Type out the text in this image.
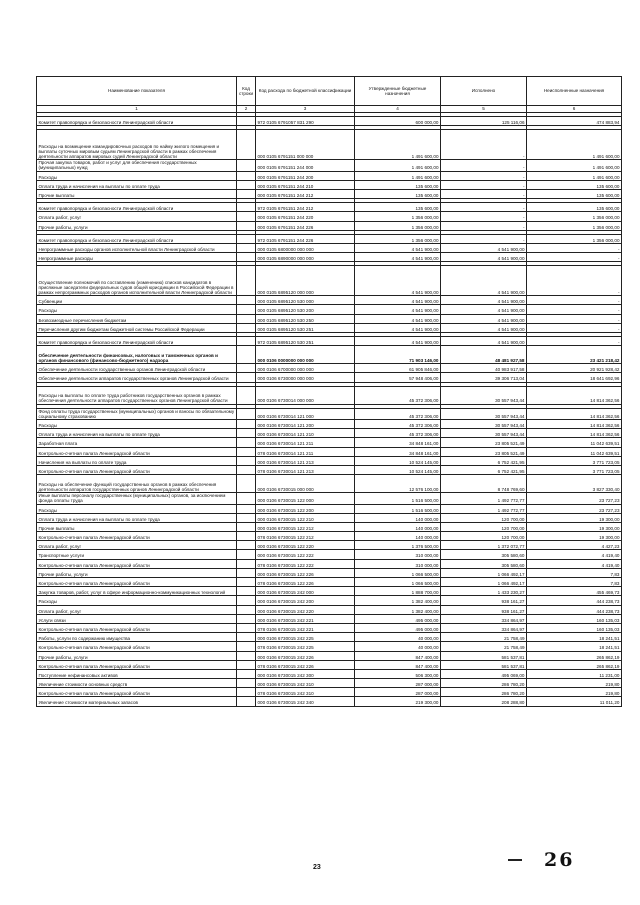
Наименование показателя	Код строки	Код расхода по бюджетной классификации	Утвержденные бюджетные назначения	Исполнено	Неисполненные назначения
1	2	3	4	5	6

Комитет правопорядка и безопасности Ленинградской области		972 0105 6791057 831 290	600 000,00	125 116,06	474 883,94

Расходы на возмещение командировочных расходов по найму жилого помещения и выплаты суточных мировым судьям Ленинградской области в рамках обеспечения деятельности аппаратов мировых судей Ленинградской области		000 0105 6791151 000 000	1 491 600,00	-	1 491 600,00
Прочая закупка товаров, работ и услуг для обеспечения государственных (муниципальных) нужд		000 0105 6791151 244 000	1 491 600,00	-	1 491 600,00
Расходы		000 0105 6791151 244 200	1 491 600,00	-	1 491 600,00
Оплата труда и начисления на выплаты по оплате труда		000 0105 6791151 244 210	135 600,00	-	135 600,00
Прочие выплаты		000 0105 6791151 244 212	135 600,00	-	135 600,00

Комитет правопорядка и безопасности Ленинградской области		972 0105 6791151 244 212	135 600,00	-	135 600,00
Оплата работ, услуг		000 0105 6791151 244 220	1 356 000,00	-	1 356 000,00
Прочие работы, услуги		000 0105 6791151 244 226	1 356 000,00	-	1 356 000,00

Комитет правопорядка и безопасности Ленинградской области		972 0105 6791151 244 226	1 356 000,00	-	1 356 000,00
Непрограммные расходы органов исполнительной власти Ленинградской области		000 0105 6800000 000 000	4 541 900,00	4 541 900,00	-
Непрограммные расходы		000 0105 6890000 000 000	4 541 900,00	4 541 900,00	-

Осуществление полномочий по составлению (изменению) списков кандидатов в присяжные заседатели федеральных судов общей юрисдикции в Российской Федерации в рамках непрограммных расходов органов исполнительной власти Ленинградской области		000 0105 6895120 000 000	4 541 900,00	4 541 900,00	-
Субвенции		000 0105 6895120 530 000	4 541 900,00	4 541 900,00	-
Расходы		000 0105 6895120 530 200	4 541 900,00	4 541 900,00	-
Безвозмездные перечисления бюджетам		000 0105 6895120 530 250	4 541 900,00	4 541 900,00	-
Перечисления другим бюджетам бюджетной системы Российской Федерации		000 0105 6895120 530 251	4 541 900,00	4 541 900,00	-

Комитет правопорядка и безопасности Ленинградской области		972 0105 6895120 530 251	4 541 900,00	4 541 900,00	-
Обеспечение деятельности финансовых, налоговых и таможенных органов и органов финансового (финансово-бюджетного) надзора		000 0106 0000000 000 000	71 903 146,00	48 481 927,58	23 421 218,42
Обеспечение деятельности государственных органов Ленинградской области		000 0106 6700000 000 000	61 905 846,00	40 983 917,58	20 921 928,42
Обеспечение деятельности аппаратов государственных органов Ленинградской области		000 0106 6730000 000 000	57 948 406,00	39 306 713,04	18 641 692,96

Расходы на выплаты по оплате труда работников государственных органов в рамках обеспечения деятельности аппаратов государственных органов Ленинградской области		000 0106 6730014 000 000	45 372 306,00	30 557 943,44	14 814 362,56

Фонд оплаты труда государственных (муниципальных) органов и взносы по обязательному социальному страхованию		000 0106 6730014 121 000	45 372 306,00	30 557 943,44	14 814 362,56
Расходы		000 0106 6730014 121 200	45 372 306,00	30 557 943,44	14 814 362,56
Оплата труда и начисления на выплаты по оплате труда		000 0106 6730014 121 210	45 372 306,00	30 557 943,44	14 814 362,56
Заработная плата		000 0106 6730014 121 211	34 848 161,00	23 805 521,49	11 042 639,51
Контрольно-счетная палата Ленинградской области		078 0106 6730014 121 211	34 848 161,00	23 805 521,49	11 042 639,51
Начисления на выплаты по оплате труда		000 0106 6730014 121 213	10 524 145,00	6 752 421,95	3 771 723,05
Контрольно-счетная палата Ленинградской области		078 0106 6730014 121 213	10 524 145,00	6 752 421,95	3 771 723,05
Расходы на обеспечение функций государственных органов в рамках обеспечения деятельности аппаратов государственных органов Ленинградской области		000 0106 6730015 000 000	12 576 100,00	8 748 769,60	3 827 330,40
Иные выплаты персоналу государственных (муниципальных) органов, за исключением фонда оплаты труда		000 0106 6730015 122 000	1 516 500,00	1 492 772,77	23 727,23
Расходы		000 0106 6730015 122 200	1 516 500,00	1 492 772,77	23 727,23
Оплата труда и начисления на выплаты по оплате труда		000 0106 6730015 122 210	140 000,00	120 700,00	19 300,00
Прочие выплаты		000 0106 6730015 122 212	140 000,00	120 700,00	19 300,00
Контрольно-счетная палата Ленинградской области		078 0106 6730015 122 212	140 000,00	120 700,00	19 300,00
Оплата работ, услуг		000 0106 6730015 122 220	1 376 500,00	1 372 072,77	4 427,23
Транспортные услуги		000 0106 6730015 122 222	310 000,00	305 580,60	4 419,40
Контрольно-счетная палата Ленинградской области		078 0106 6730015 122 222	310 000,00	305 580,60	4 419,40
Прочие работы, услуги		000 0106 6730015 122 226	1 066 500,00	1 066 492,17	7,83
Контрольно-счетная палата Ленинградской области		078 0106 6730015 122 226	1 066 500,00	1 066 492,17	7,83
Закупка товаров, работ, услуг в сфере информационно-коммуникационных технологий		000 0106 6730015 242 000	1 888 700,00	1 433 230,27	455 469,73
Расходы		000 0106 6730015 242 200	1 382 400,00	938 161,27	444 238,73
Оплата работ, услуг		000 0106 6730015 242 220	1 382 400,00	938 161,27	444 238,73
Услуги связи		000 0106 6730015 242 221	495 000,00	334 864,97	160 135,03
Контрольно-счетная палата Ленинградской области		078 0106 6730015 242 221	495 000,00	334 864,97	160 135,03
Работы, услуги по содержанию имущества		000 0106 6730015 242 225	40 000,00	21 758,49	18 241,51
Контрольно-счетная палата Ленинградской области		078 0106 6730015 242 225	40 000,00	21 758,49	18 241,51
Прочие работы, услуги		000 0106 6730015 242 226	847 400,00	581 537,81	265 862,19
Контрольно-счетная палата Ленинградской области		078 0106 6730015 242 226	847 400,00	581 537,81	265 862,19
Поступление нефинансовых активов		000 0106 6730015 242 300	506 300,00	495 069,00	11 231,00
Увеличение стоимости основных средств		000 0106 6730015 242 310	287 000,00	286 780,20	219,80
Контрольно-счетная палата Ленинградской области		078 0106 6730015 242 310	287 000,00	286 780,20	219,80
Увеличение стоимости материальных запасов		000 0106 6730015 242 340	219 300,00	208 288,80	11 011,20
23	26
